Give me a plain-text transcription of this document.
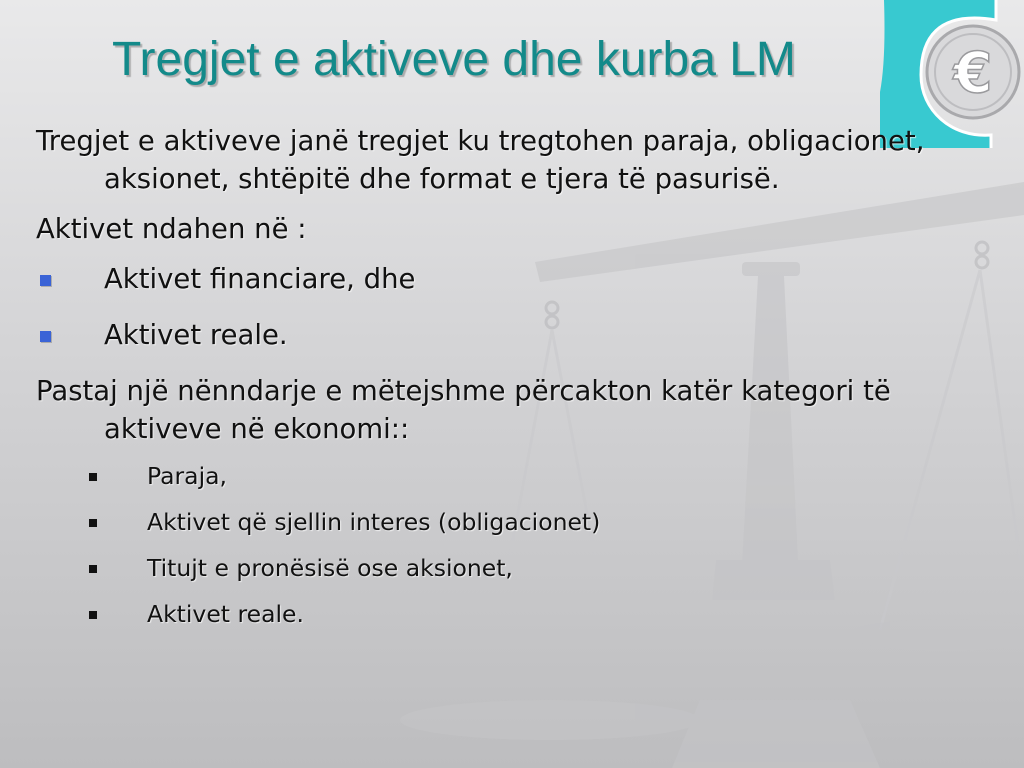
€
Tregjet e aktiveve dhe kurba LM

Tregjet e aktiveve janë tregjet ku tregtohen paraja, obligacionet, aksionet, shtëpitë dhe format e tjera të pasurisë.

Aktivet ndahen në :

Aktivet financiare, dhe
Aktivet reale.

Pastaj një nënndarje e mëtejshme përcakton katër kategori të aktiveve në ekonomi::

Paraja,
Aktivet që sjellin interes (obligacionet)
Titujt e pronësisë ose aksionet,
Aktivet reale.
